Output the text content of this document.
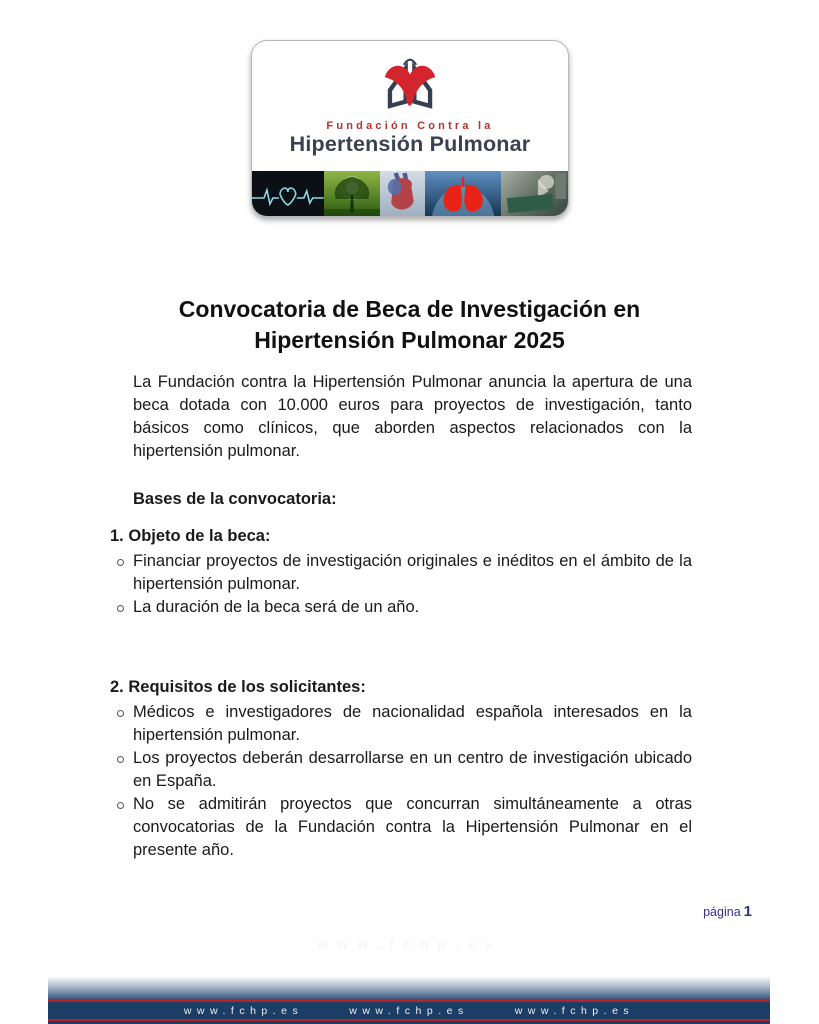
Fundación Contra la
Hipertensión Pulmonar
Convocatoria de Beca de Investigación en
Hipertensión Pulmonar 2025

La Fundación contra la Hipertensión Pulmonar anuncia la apertura de una beca dotada con 10.000 euros para proyectos de investigación, tanto básicos como clínicos, que aborden aspectos relacionados con la hipertensión pulmonar.

Bases de la convocatoria:
1. Objeto de la beca:
Financiar proyectos de investigación originales e inéditos en el ámbito de la hipertensión pulmonar.
La duración de la beca será de un año.
2. Requisitos de los solicitantes:
Médicos e investigadores de nacionalidad española interesados en la hipertensión pulmonar.
Los proyectos deberán desarrollarse en un centro de investigación ubicado en España.
No se admitirán proyectos que concurran simultáneamente a otras convocatorias de la Fundación contra la Hipertensión Pulmonar en el presente año.
www.fchp.es
página 1
www.fchp.es	www.fchp.es	www.fchp.es
